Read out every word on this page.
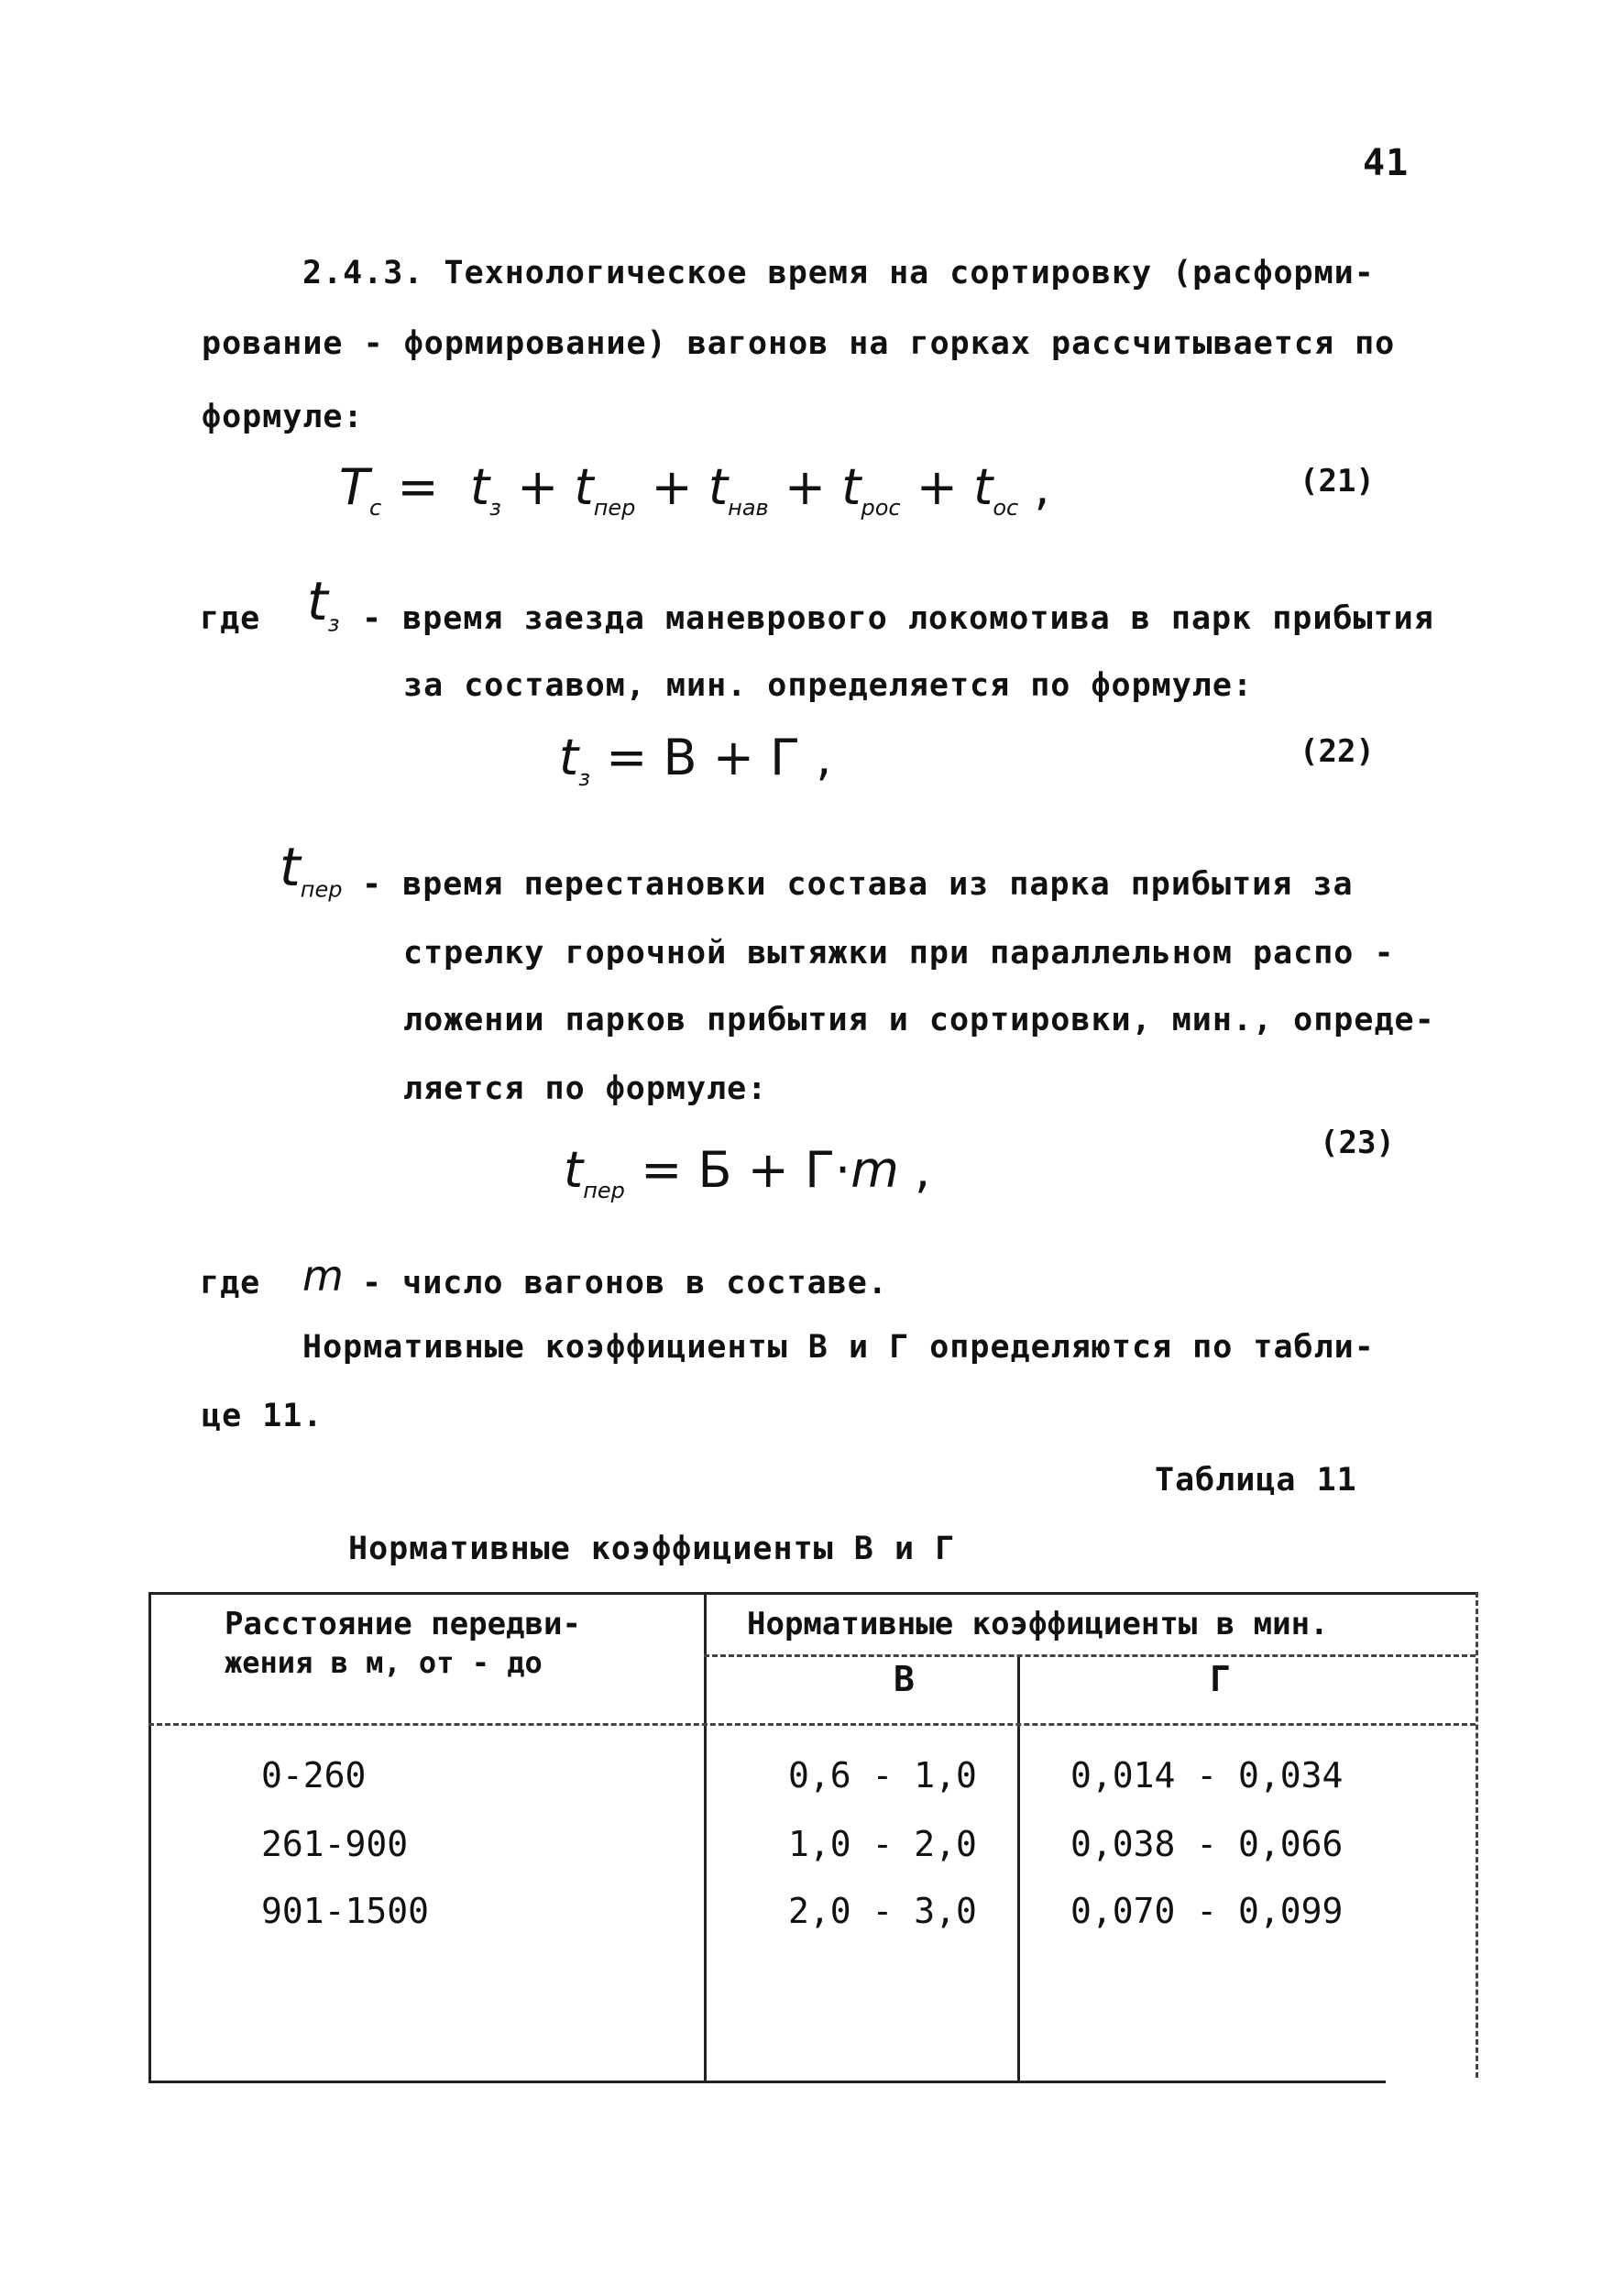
41
2.4.3. Технологическое время на сортировку (расформи-
рование - формирование) вагонов на горках рассчитывается по
формуле:
$T_c = t_з + t_{пер} + t_{нав} + t_{рос} + t_{ос}$ ,	(21)
где $t_з$ - время заезда маневрового локомотива в парк прибытия
за составом, мин. определяется по формуле:
$t_з = В + Г$ ,	(22)
$t_{пер}$ - время перестановки состава из парка прибытия за
стрелку горочной вытяжки при параллельном распо -
ложении парков прибытия и сортировки, мин., опреде-
ляется по формуле:
$t_{пер} = Б + Г\cdot m$ ,	(23)
где m - число вагонов в составе.
Нормативные коэффициенты В и Г определяются по табли-
це 11.
Таблица 11
Нормативные коэффициенты В и Г
Расстояние передви-
жения в м, от - до
Нормативные коэффициенты в мин.
В	Г
0-260	0,6 - 1,0	0,014 - 0,034
261-900	1,0 - 2,0	0,038 - 0,066
901-1500	2,0 - 3,0	0,070 - 0,099
